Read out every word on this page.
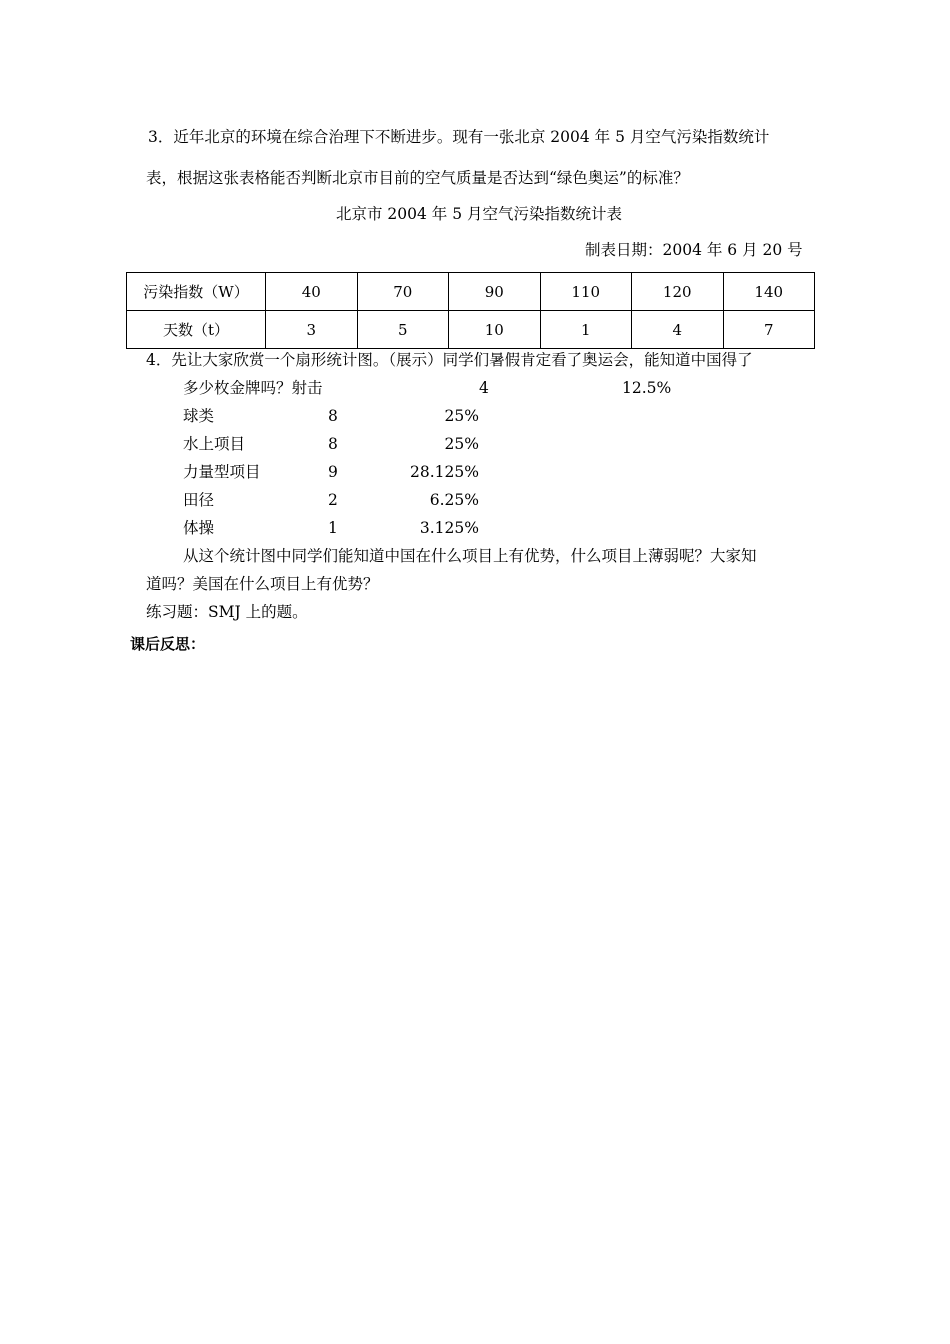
3．近年北京的环境在综合治理下不断进步。现有一张北京 2004 年 5 月空气污染指数统计
表，根据这张表格能否判断北京市目前的空气质量是否达到“绿色奥运”的标准？
北京市 2004 年 5 月空气污染指数统计表
制表日期：2004 年 6 月 20 号
污染指数（W）	40	70	90	110	120	140
天数（t）	3	5	10	1	4	7
4．先让大家欣赏一个扇形统计图。（展示）同学们暑假肯定看了奥运会，能知道中国得了
多少枚金牌吗？射击	4	12.5%
球类	8	25%
水上项目	8	25%
力量型项目	9	28.125%
田径	2	6.25%
体操	1	3.125%
从这个统计图中同学们能知道中国在什么项目上有优势，什么项目上薄弱呢？大家知
道吗？美国在什么项目上有优势？
练习题：SMJ 上的题。
课后反思：
